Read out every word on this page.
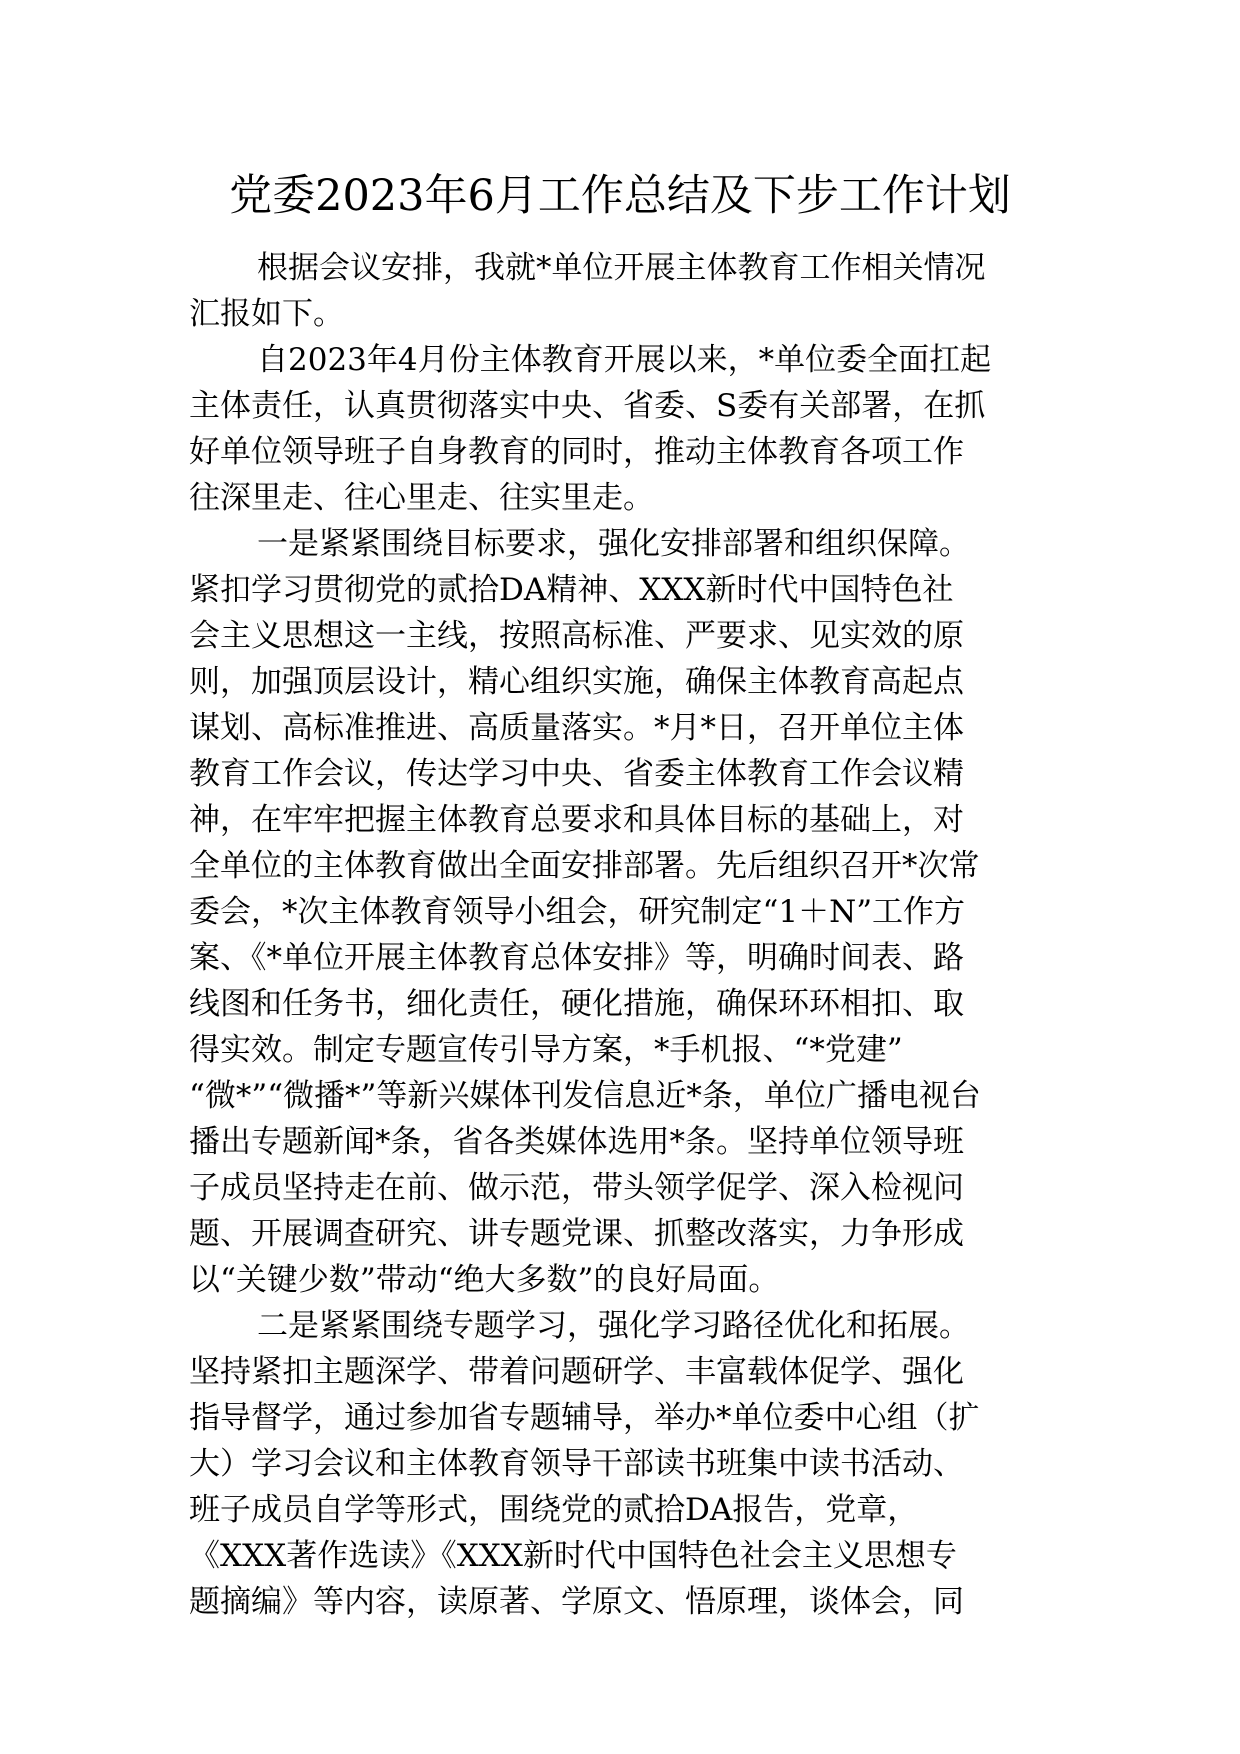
党委2023年6月工作总结及下步工作计划

根据会议安排，我就*单位开展主体教育工作相关情况
汇报如下。

自2023年4月份主体教育开展以来，*单位委全面扛起
主体责任，认真贯彻落实中央、省委、S委有关部署，在抓
好单位领导班子自身教育的同时，推动主体教育各项工作
往深里走、往心里走、往实里走。

一是紧紧围绕目标要求，强化安排部署和组织保障。
紧扣学习贯彻党的贰拾DA精神、XXX新时代中国特色社
会主义思想这一主线，按照高标准、严要求、见实效的原
则，加强顶层设计，精心组织实施，确保主体教育高起点
谋划、高标准推进、高质量落实。*月*日，召开单位主体
教育工作会议，传达学习中央、省委主体教育工作会议精
神，在牢牢把握主体教育总要求和具体目标的基础上，对
全单位的主体教育做出全面安排部署。先后组织召开*次常
委会，*次主体教育领导小组会，研究制定“1＋N”工作方
案、《*单位开展主体教育总体安排》等，明确时间表、路
线图和任务书，细化责任，硬化措施，确保环环相扣、取
得实效。制定专题宣传引导方案，*手机报、“*党建”
“微*”“微播*”等新兴媒体刊发信息近*条，单位广播电视台
播出专题新闻*条，省各类媒体选用*条。坚持单位领导班
子成员坚持走在前、做示范，带头领学促学、深入检视问
题、开展调查研究、讲专题党课、抓整改落实，力争形成
以“关键少数”带动“绝大多数”的良好局面。

二是紧紧围绕专题学习，强化学习路径优化和拓展。
坚持紧扣主题深学、带着问题研学、丰富载体促学、强化
指导督学，通过参加省专题辅导，举办*单位委中心组（扩
大）学习会议和主体教育领导干部读书班集中读书活动、
班子成员自学等形式，围绕党的贰拾DA报告，党章，
《XXX著作选读》《XXX新时代中国特色社会主义思想专
题摘编》等内容，读原著、学原文、悟原理，谈体会，同
